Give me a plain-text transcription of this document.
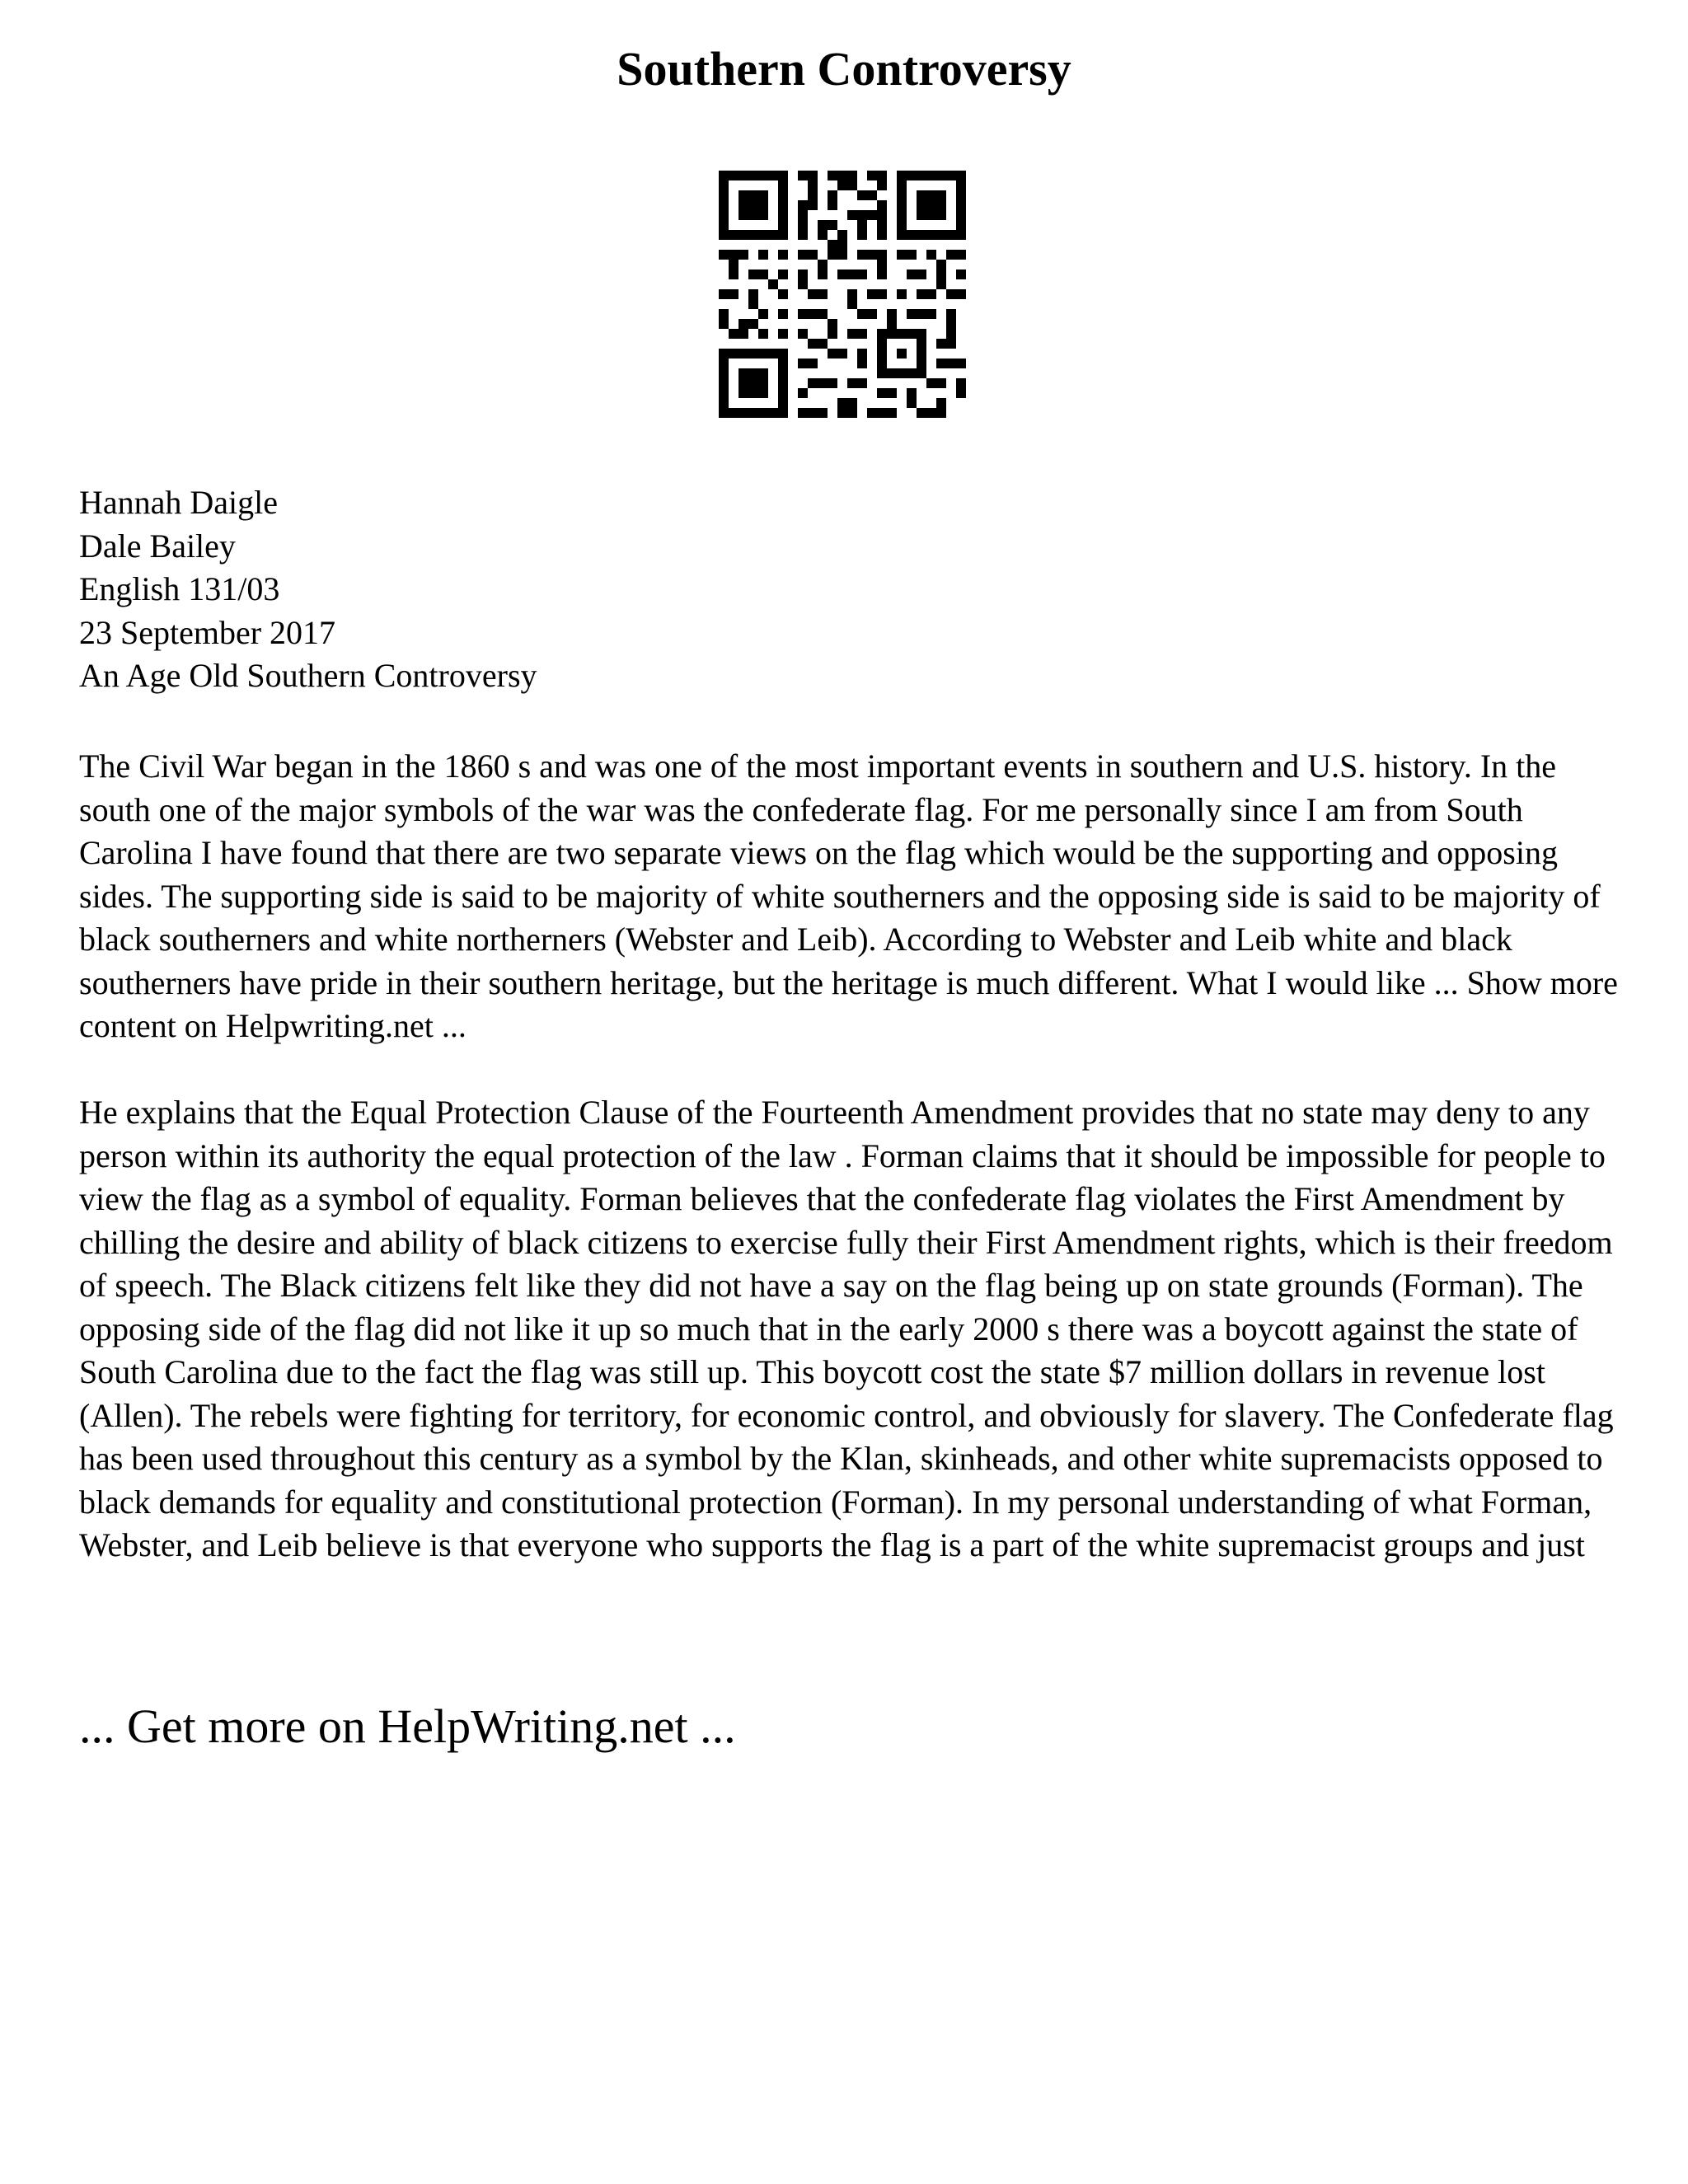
Southern Controversy
Hannah Daigle
Dale Bailey
English 131/03
23 September 2017
An Age Old Southern Controversy

The Civil War began in the 1860 s and was one of the most important events in southern and U.S. history. In the south one of the major symbols of the war was the confederate flag. For me personally since I am from South Carolina I have found that there are two separate views on the flag which would be the supporting and opposing sides. The supporting side is said to be majority of white southerners and the opposing side is said to be majority of black southerners and white northerners (Webster and Leib). According to Webster and Leib white and black southerners have pride in their southern heritage, but the heritage is much different. What I would like ... Show more content on Helpwriting.net ...

He explains that the Equal Protection Clause of the Fourteenth Amendment provides that no state may deny to any person within its authority the equal protection of the law . Forman claims that it should be impossible for people to view the flag as a symbol of equality. Forman believes that the confederate flag violates the First Amendment by chilling the desire and ability of black citizens to exercise fully their First Amendment rights, which is their freedom of speech. The Black citizens felt like they did not have a say on the flag being up on state grounds (Forman). The opposing side of the flag did not like it up so much that in the early 2000 s there was a boycott against the state of South Carolina due to the fact the flag was still up. This boycott cost the state $7 million dollars in revenue lost (Allen). The rebels were fighting for territory, for economic control, and obviously for slavery. The Confederate flag has been used throughout this century as a symbol by the Klan, skinheads, and other white supremacists opposed to black demands for equality and constitutional protection (Forman). In my personal understanding of what Forman, Webster, and Leib believe is that everyone who supports the flag is a part of the white supremacist groups and just

... Get more on HelpWriting.net ...
